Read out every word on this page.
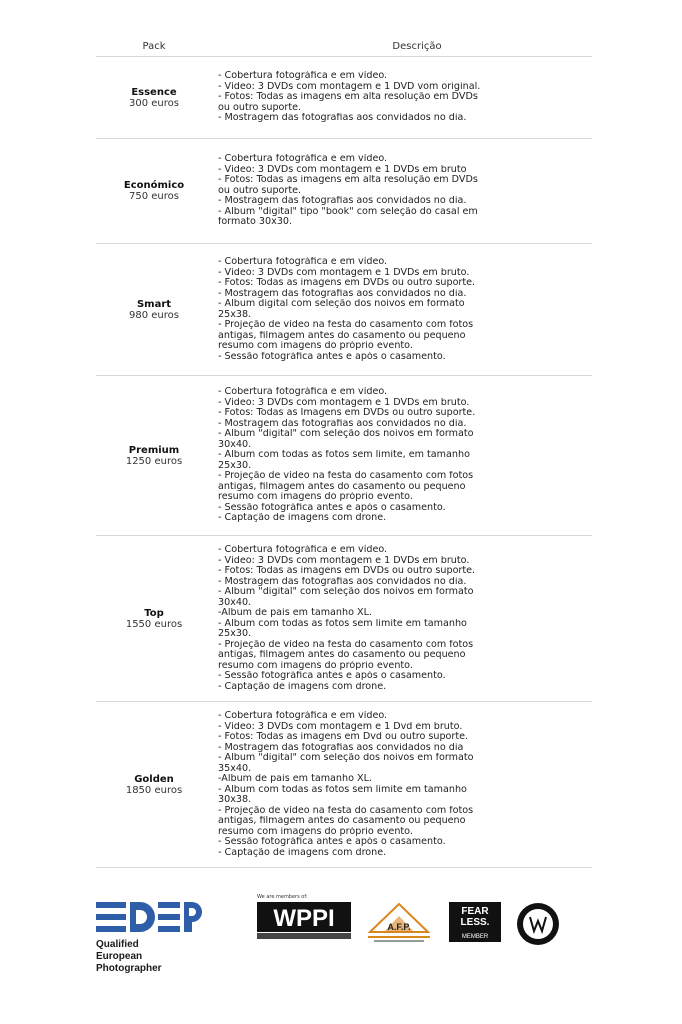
Pack	Descrição
Essence
300 euros
- Cobertura fotográfica e em vídeo.
- Vídeo: 3 DVDs com montagem e 1 DVD vom original.
- Fotos: Todas as imagens em alta resolução em DVDs
ou outro suporte.
- Mostragem das fotografias aos convidados no dia.
Económico
750 euros
- Cobertura fotográfica e em vídeo.
- Vídeo: 3 DVDs com montagem e 1 DVDs em bruto
- Fotos: Todas as imagens em alta resolução em DVDs
ou outro suporte.
- Mostragem das fotografias aos convidados no dia.
- Álbum "digital" tipo "book" com seleção do casal em
formato 30x30.
Smart
980 euros
- Cobertura fotográfica e em vídeo.
- Vídeo: 3 DVDs com montagem e 1 DVDs em bruto.
- Fotos: Todas as imagens em DVDs ou outro suporte.
- Mostragem das fotografias aos convidados no dia.
- Álbum digital com seleção dos noivos em formato
25x38.
- Projeção de vídeo na festa do casamento com fotos
antigas, filmagem antes do casamento ou pequeno
resumo com imagens do próprio evento.
- Sessão fotográfica antes e após o casamento.
Premium
1250 euros
- Cobertura fotográfica e em vídeo.
- Vídeo: 3 DVDs com montagem e 1 DVDs em bruto.
- Fotos: Todas as Imagens em DVDs ou outro suporte.
- Mostragem das fotografias aos convidados no dia.
- Álbum "digital" com seleção dos noivos em formato
30x40.
- Álbum com todas as fotos sem limite, em tamanho
25x30.
- Projeção de vídeo na festa do casamento com fotos
antigas, filmagem antes do casamento ou pequeno
resumo com imagens do próprio evento.
- Sessão fotográfica antes e após o casamento.
- Captação de imagens com drone.
Top
1550 euros
- Cobertura fotográfica e em vídeo.
- Vídeo: 3 DVDs com montagem e 1 DVDs em bruto.
- Fotos: Todas as imagens em DVDs ou outro suporte.
- Mostragem das fotografias aos convidados no dia.
- Álbum "digital" com seleção dos noivos em formato
30x40.
-Álbum de pais em tamanho XL.
- Álbum com todas as fotos sem limite em tamanho
25x30.
- Projeção de vídeo na festa do casamento com fotos
antigas, filmagem antes do casamento ou pequeno
resumo com imagens do próprio evento.
- Sessão fotográfica antes e após o casamento.
- Captação de imagens com drone.
Golden
1850 euros
- Cobertura fotográfica e em vídeo.
- Vídeo: 3 DVDs com montagem e 1 Dvd em bruto.
- Fotos: Todas as imagens em Dvd ou outro suporte.
- Mostragem das fotografias aos convidados no dia
- Álbum "digital" com seleção dos noivos em formato
35x40.
-Álbum de pais em tamanho XL.
- Álbum com todas as fotos sem limite em tamanho
30x38.
- Projeção de vídeo na festa do casamento com fotos
antigas, filmagem antes do casamento ou pequeno
resumo com imagens do próprio evento.
- Sessão fotográfica antes e após o casamento.
- Captação de imagens com drone.
Qualified
European
Photographer
We are members of:
WPPI	A.F.P.
FEAR
LESS.
MEMBER
